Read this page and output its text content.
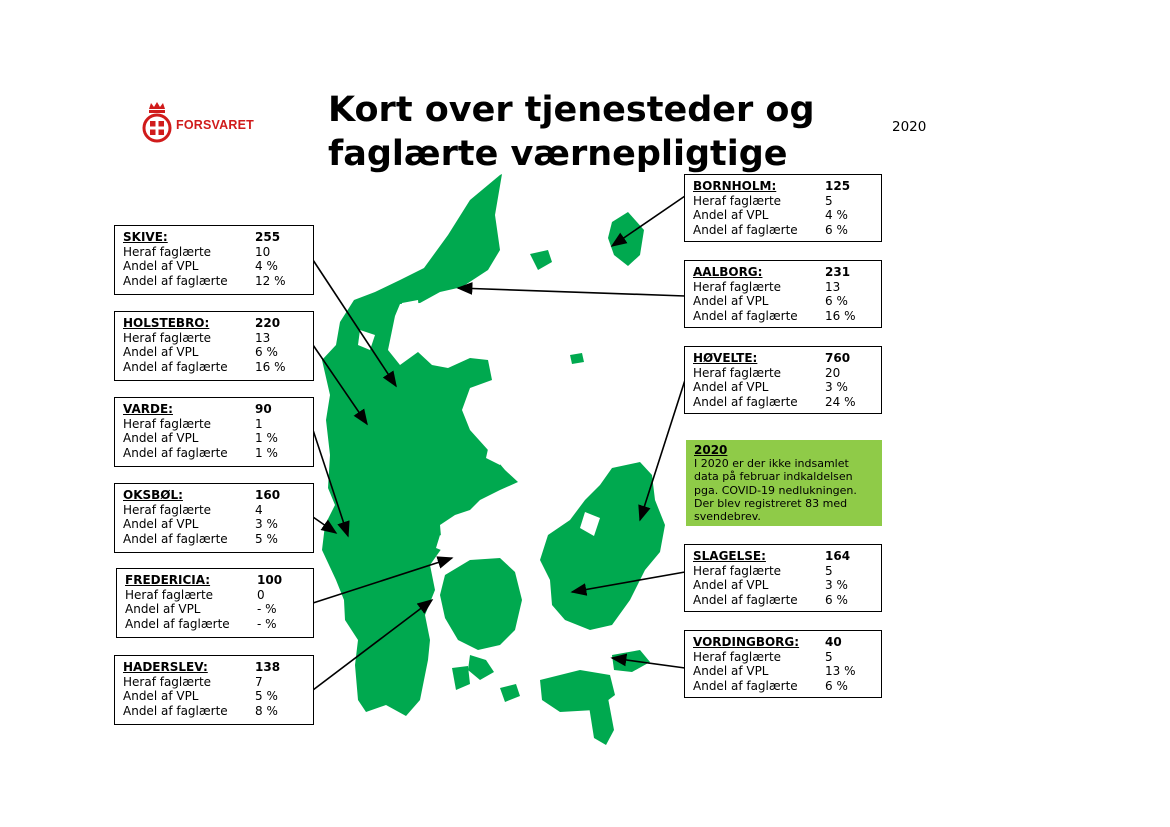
FORSVARET Kort over tjenesteder og
faglærte værnepligtige
2020
SKIVE:	255
Heraf faglærte	10
Andel af VPL	4 %
Andel af faglærte	12 %
HOLSTEBRO:	220
Heraf faglærte	13
Andel af VPL	6 %
Andel af faglærte	16 %
VARDE:	90
Heraf faglærte	1
Andel af VPL	1 %
Andel af faglærte	1 %
OKSBØL:	160
Heraf faglærte	4
Andel af VPL	3 %
Andel af faglærte	5 %
FREDERICIA:	100
Heraf faglærte	0
Andel af VPL	- %
Andel af faglærte	- %
HADERSLEV:	138
Heraf faglærte	7
Andel af VPL	5 %
Andel af faglærte	8 %
BORNHOLM:	125
Heraf faglærte	5
Andel af VPL	4 %
Andel af faglærte	6 %
AALBORG:	231
Heraf faglærte	13
Andel af VPL	6 %
Andel af faglærte	16 %
HØVELTE:	760
Heraf faglærte	20
Andel af VPL	3 %
Andel af faglærte	24 %
2020
I 2020 er der ikke indsamlet data på februar indkaldelsen pga. COVID-19 nedlukningen. Der blev registreret 83 med svendebrev.
SLAGELSE:	164
Heraf faglærte	5
Andel af VPL	3 %
Andel af faglærte	6 %
VORDINGBORG:	40
Heraf faglærte	5
Andel af VPL	13 %
Andel af faglærte	6 %
